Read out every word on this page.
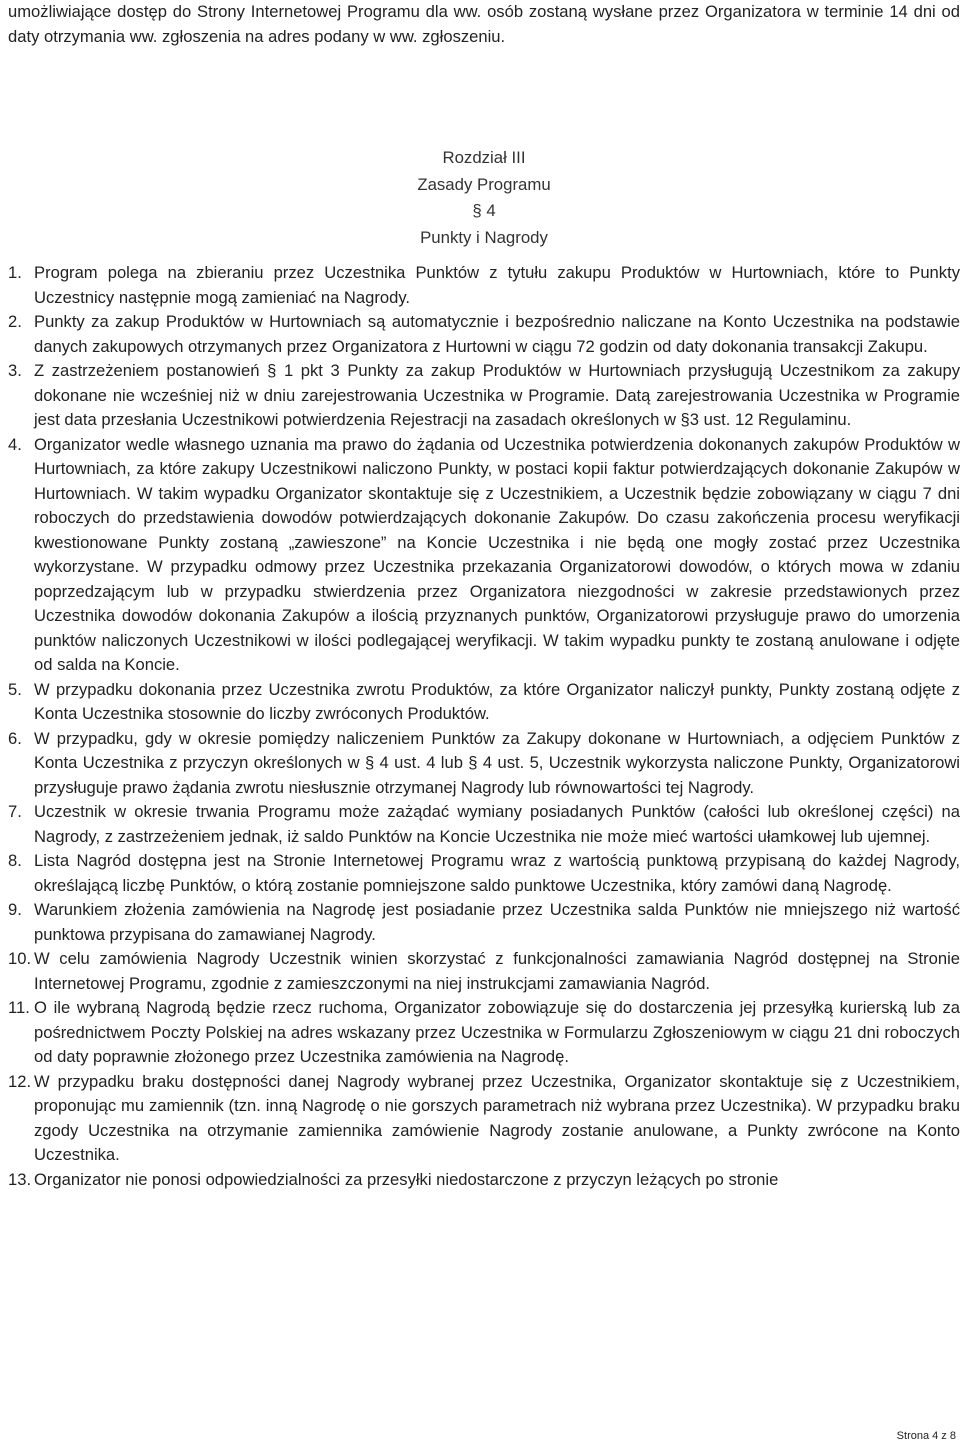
umożliwiające dostęp do Strony Internetowej Programu dla ww. osób zostaną wysłane przez Organizatora w terminie 14 dni od daty otrzymania ww. zgłoszenia na adres podany w ww. zgłoszeniu.

Rozdział III
Zasady Programu
§ 4
Punkty i Nagrody
1. Program polega na zbieraniu przez Uczestnika Punktów z tytułu zakupu Produktów w Hurtowniach, które to Punkty Uczestnicy następnie mogą zamieniać na Nagrody.
2. Punkty za zakup Produktów w Hurtowniach są automatycznie i bezpośrednio naliczane na Konto Uczestnika na podstawie danych zakupowych otrzymanych przez Organizatora z Hurtowni w ciągu 72 godzin od daty dokonania transakcji Zakupu.
3. Z zastrzeżeniem postanowień § 1 pkt 3 Punkty za zakup Produktów w Hurtowniach przysługują Uczestnikom za zakupy dokonane nie wcześniej niż w dniu zarejestrowania Uczestnika w Programie. Datą zarejestrowania Uczestnika w Programie jest data przesłania Uczestnikowi potwierdzenia Rejestracji na zasadach określonych w §3 ust. 12 Regulaminu.
4. Organizator wedle własnego uznania ma prawo do żądania od Uczestnika potwierdzenia dokonanych zakupów Produktów w Hurtowniach, za które zakupy Uczestnikowi naliczono Punkty, w postaci kopii faktur potwierdzających dokonanie Zakupów w Hurtowniach. W takim wypadku Organizator skontaktuje się z Uczestnikiem, a Uczestnik będzie zobowiązany w ciągu 7 dni roboczych do przedstawienia dowodów potwierdzających dokonanie Zakupów. Do czasu zakończenia procesu weryfikacji kwestionowane Punkty zostaną „zawieszone” na Koncie Uczestnika i nie będą one mogły zostać przez Uczestnika wykorzystane. W przypadku odmowy przez Uczestnika przekazania Organizatorowi dowodów, o których mowa w zdaniu poprzedzającym lub w przypadku stwierdzenia przez Organizatora niezgodności w zakresie przedstawionych przez Uczestnika dowodów dokonania Zakupów a ilością przyznanych punktów, Organizatorowi przysługuje prawo do umorzenia punktów naliczonych Uczestnikowi w ilości podlegającej weryfikacji. W takim wypadku punkty te zostaną anulowane i odjęte od salda na Koncie.
5. W przypadku dokonania przez Uczestnika zwrotu Produktów, za które Organizator naliczył punkty, Punkty zostaną odjęte z Konta Uczestnika stosownie do liczby zwróconych Produktów.
6. W przypadku, gdy w okresie pomiędzy naliczeniem Punktów za Zakupy dokonane w Hurtowniach, a odjęciem Punktów z Konta Uczestnika z przyczyn określonych w § 4 ust. 4 lub § 4 ust. 5, Uczestnik wykorzysta naliczone Punkty, Organizatorowi przysługuje prawo żądania zwrotu niesłusznie otrzymanej Nagrody lub równowartości tej Nagrody.
7. Uczestnik w okresie trwania Programu może zażądać wymiany posiadanych Punktów (całości lub określonej części) na Nagrody, z zastrzeżeniem jednak, iż saldo Punktów na Koncie Uczestnika nie może mieć wartości ułamkowej lub ujemnej.
8. Lista Nagród dostępna jest na Stronie Internetowej Programu wraz z wartością punktową przypisaną do każdej Nagrody, określającą liczbę Punktów, o którą zostanie pomniejszone saldo punktowe Uczestnika, który zamówi daną Nagrodę.
9. Warunkiem złożenia zamówienia na Nagrodę jest posiadanie przez Uczestnika salda Punktów nie mniejszego niż wartość punktowa przypisana do zamawianej Nagrody.
10. W celu zamówienia Nagrody Uczestnik winien skorzystać z funkcjonalności zamawiania Nagród dostępnej na Stronie Internetowej Programu, zgodnie z zamieszczonymi na niej instrukcjami zamawiania Nagród.
11. O ile wybraną Nagrodą będzie rzecz ruchoma, Organizator zobowiązuje się do dostarczenia jej przesyłką kurierską lub za pośrednictwem Poczty Polskiej na adres wskazany przez Uczestnika w Formularzu Zgłoszeniowym w ciągu 21 dni roboczych od daty poprawnie złożonego przez Uczestnika zamówienia na Nagrodę.
12. W przypadku braku dostępności danej Nagrody wybranej przez Uczestnika, Organizator skontaktuje się z Uczestnikiem, proponując mu zamiennik (tzn. inną Nagrodę o nie gorszych parametrach niż wybrana przez Uczestnika). W przypadku braku zgody Uczestnika na otrzymanie zamiennika zamówienie Nagrody zostanie anulowane, a Punkty zwrócone na Konto Uczestnika.
13. Organizator nie ponosi odpowiedzialności za przesyłki niedostarczone z przyczyn leżących po stronie
Strona 4 z 8
